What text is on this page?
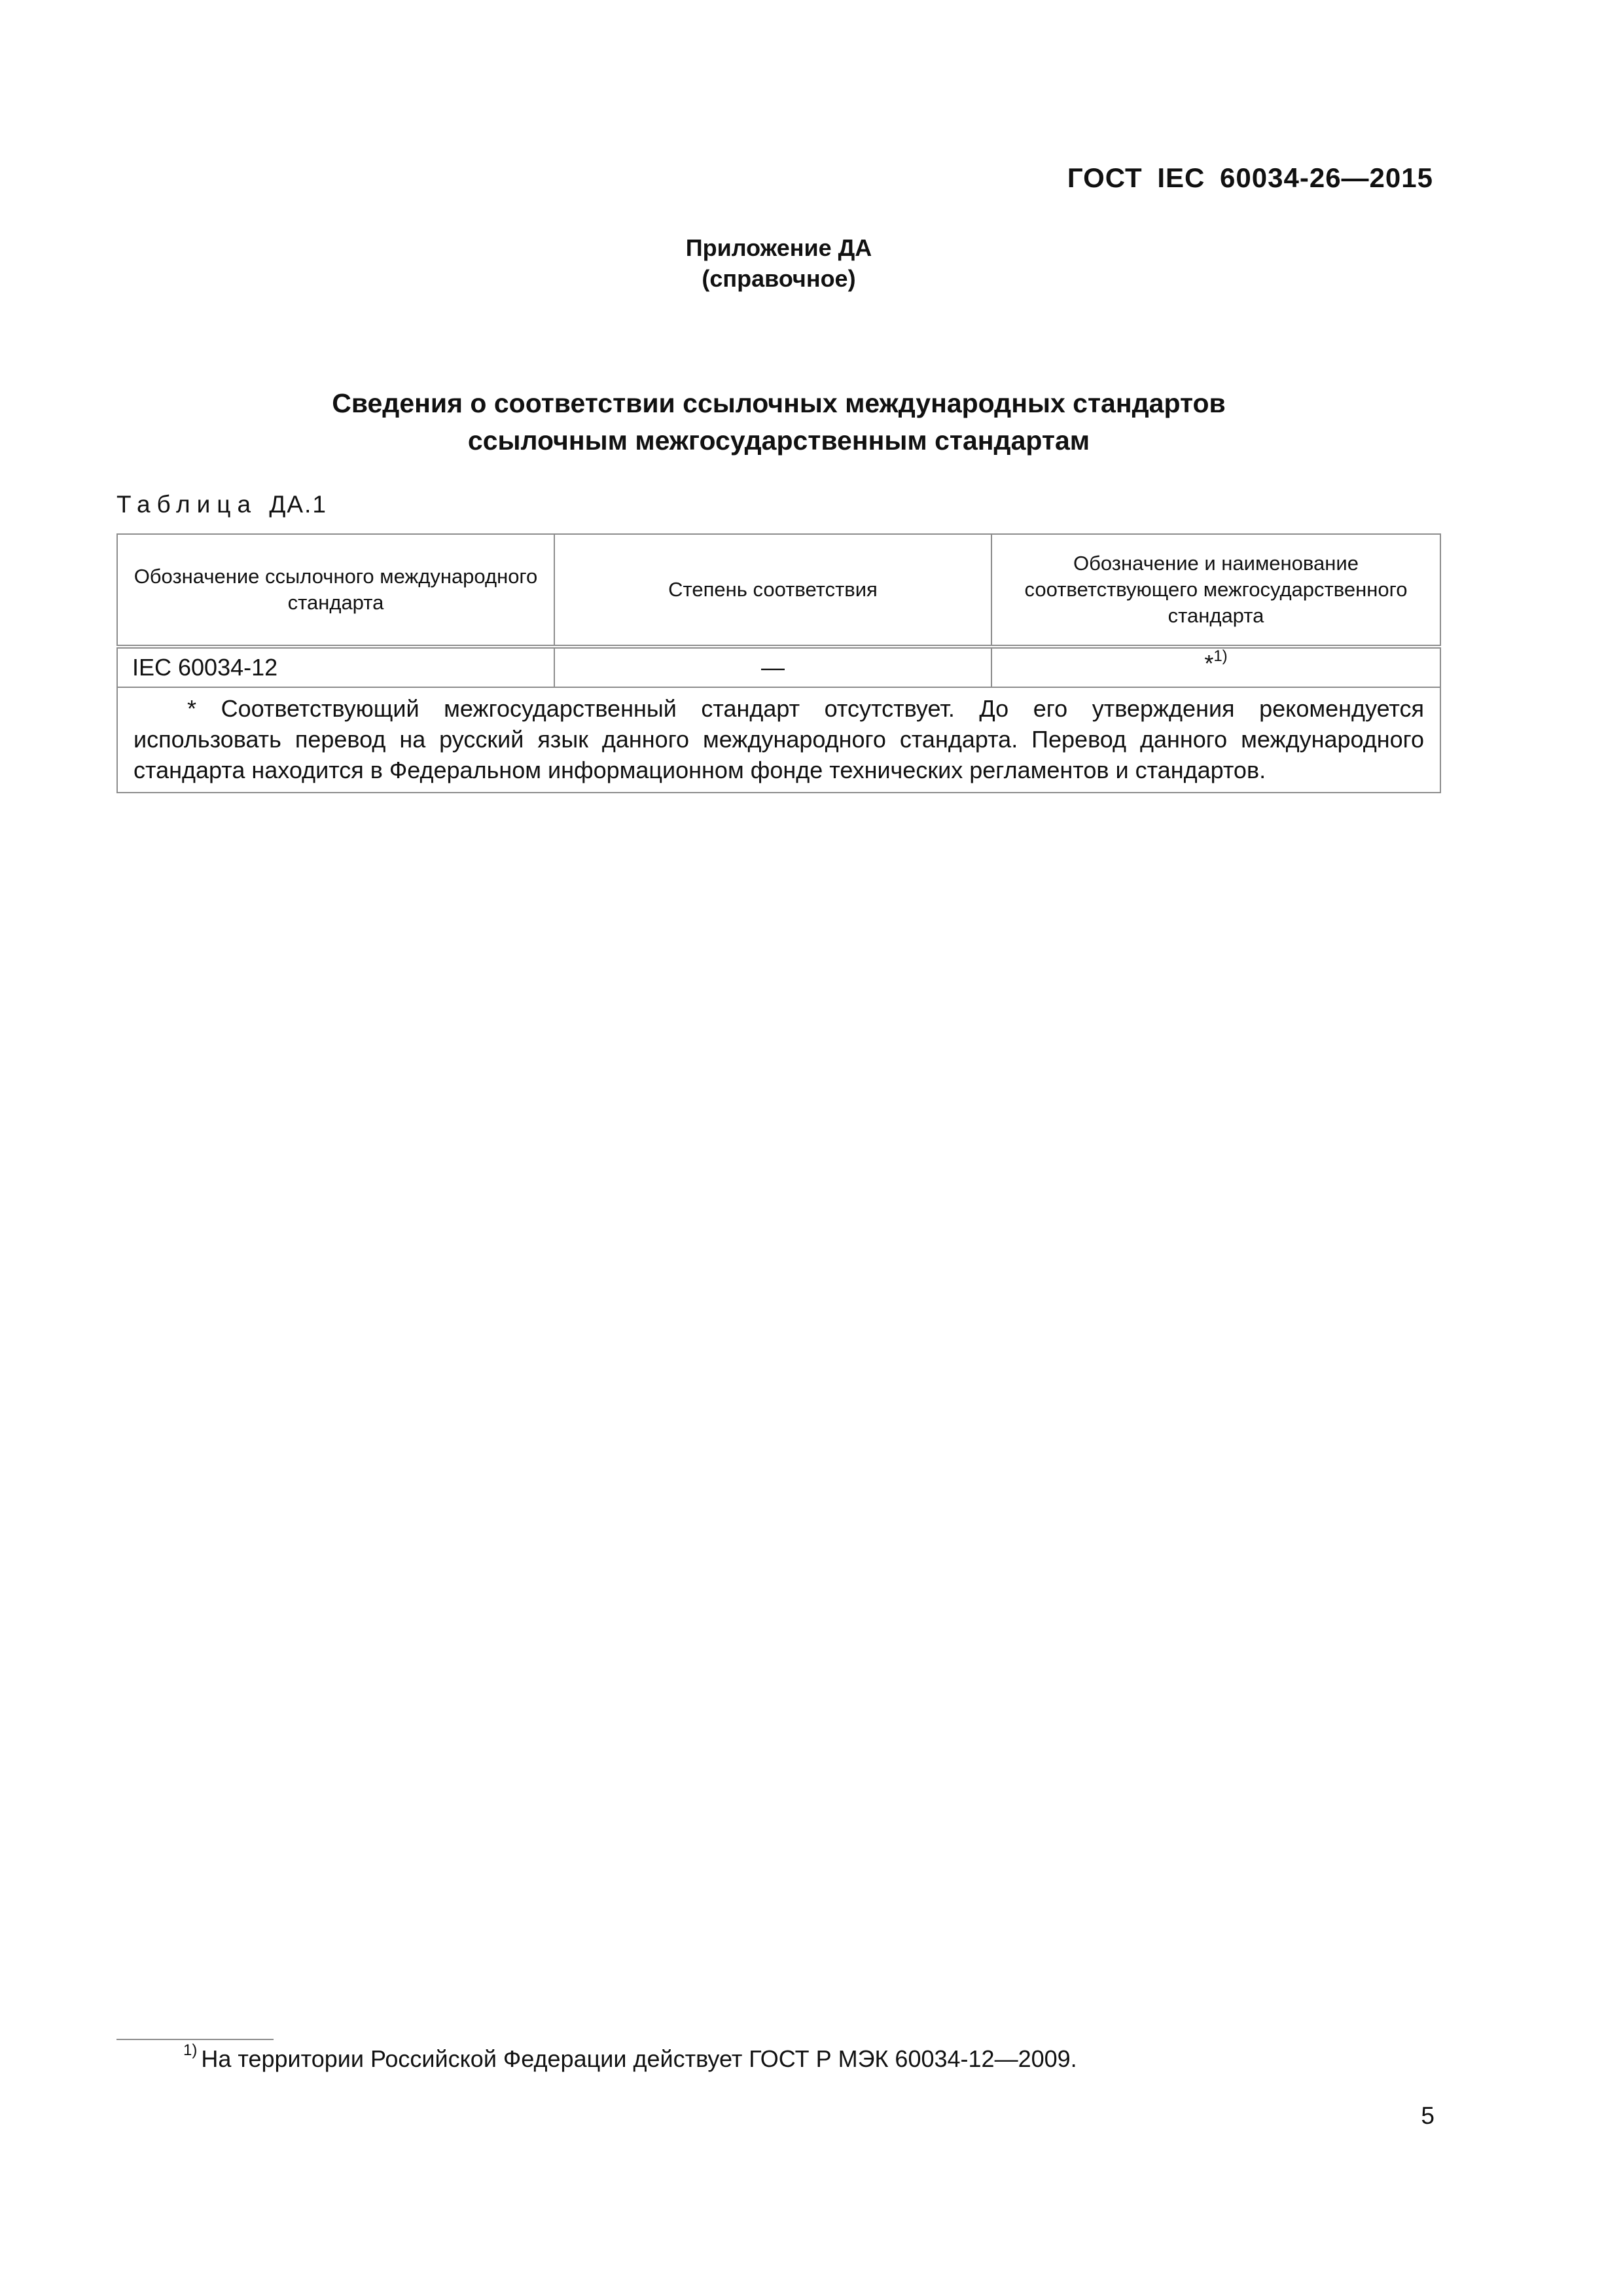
ГОСТ IEC 60034-26—2015
Приложение ДА
(справочное)
Сведения о соответствии ссылочных международных стандартов
ссылочным межгосударственным стандартам
Таблица ДА.1
Обозначение ссылочного международного стандарта	Степень соответствия	Обозначение и наименование соответствующего межгосударственного стандарта
IEC 60034-12	—	*$^{1)}$
* Соответствующий межгосударственный стандарт отсутствует. До его утверждения рекомендуется использовать перевод на русский язык данного международного стандарта. Перевод данного международного стандарта находится в Федеральном информационном фонде технических регламентов и стандартов.		
$^{1)}$ На территории Российской Федерации действует ГОСТ Р МЭК 60034-12—2009.
5
